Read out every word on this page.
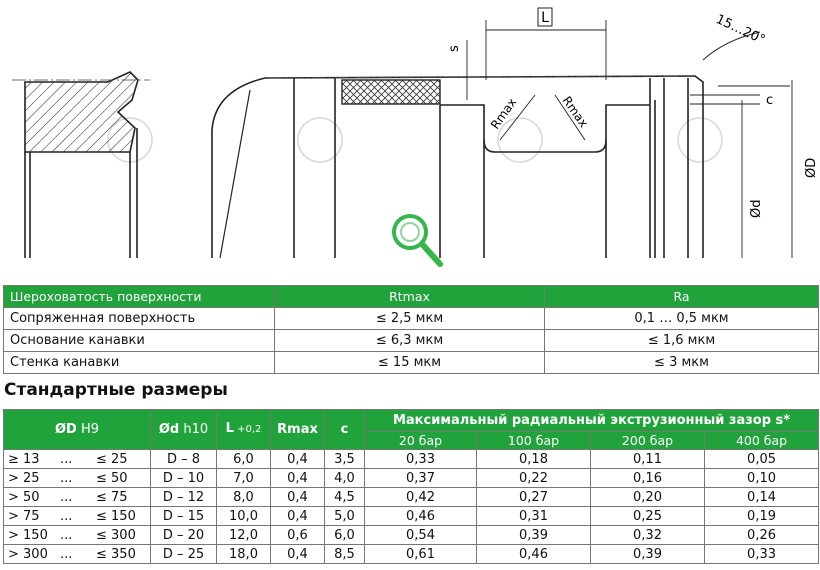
L
s
15…20°
c
Rmax	Rmax
ØD
Ød
Шероховатость поверхности	Rtmax	Ra
Сопряженная поверхность	≤ 2,5 мкм	0,1 … 0,5 мкм
Основание канавки	≤ 6,3 мкм	≤ 1,6 мкм
Стенка канавки	≤ 15 мкм	≤ 3 мкм
Стандартные размеры
ØD H9	Ød h10	L +0,2	Rmax	c	Максимальный радиальный экструзионный зазор s*			
					20 бар	100 бар	200 бар	400 бар
≥ 13 ... ≤ 25	D – 8	6,0	0,4	3,5	0,33	0,18	0,11	0,05
> 25 ... ≤ 50	D – 10	7,0	0,4	4,0	0,37	0,22	0,16	0,10
> 50 ... ≤ 75	D – 12	8,0	0,4	4,5	0,42	0,27	0,20	0,14
> 75 ... ≤ 150	D – 15	10,0	0,4	5,0	0,46	0,31	0,25	0,19
> 150 ... ≤ 300	D – 20	12,0	0,6	6,0	0,54	0,39	0,32	0,26
> 300 ... ≤ 350	D – 25	18,0	0,4	8,5	0,61	0,46	0,39	0,33
